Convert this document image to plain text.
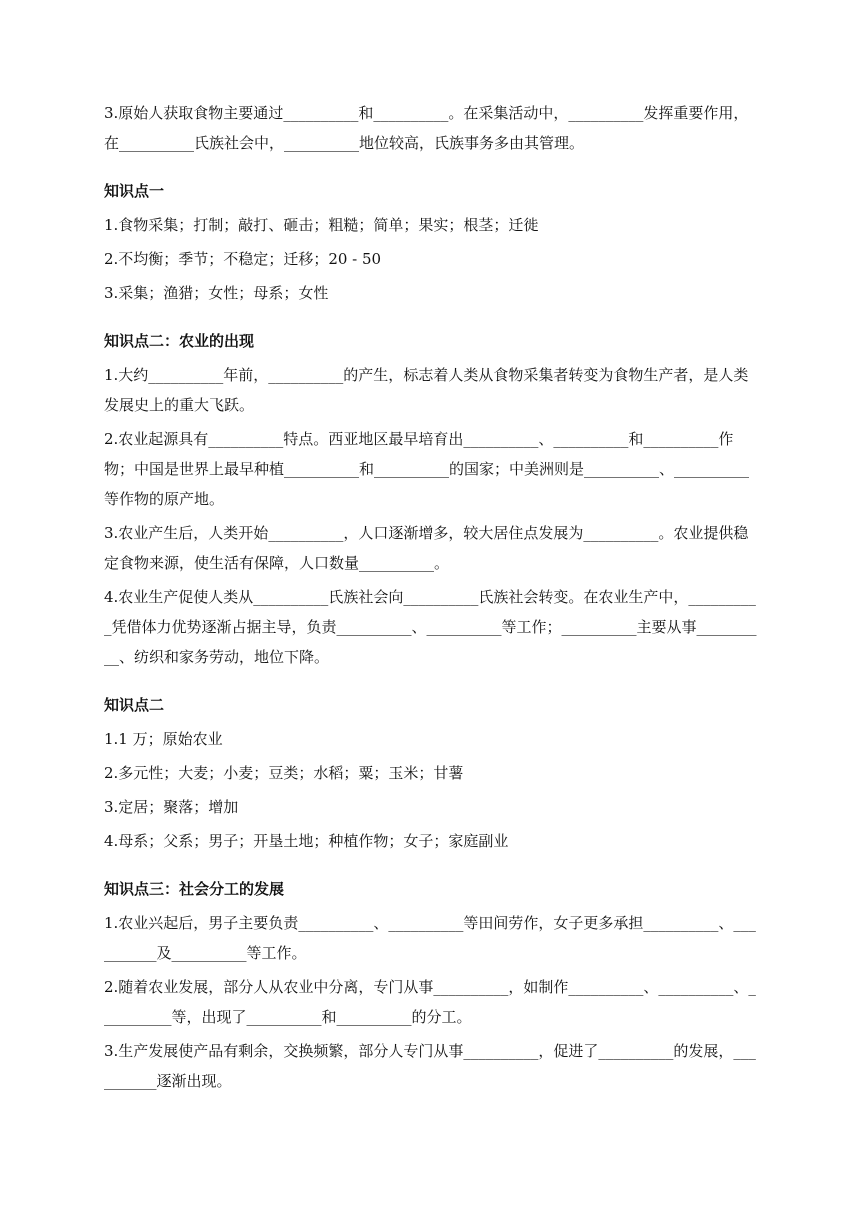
3.原始人获取食物主要通过__________和__________。在采集活动中，__________发挥重要作用，在__________氏族社会中，__________地位较高，氏族事务多由其管理。

知识点一

1.食物采集；打制；敲打、砸击；粗糙；简单；果实；根茎；迁徙

2.不均衡；季节；不稳定；迁移；20 - 50

3.采集；渔猎；女性；母系；女性

知识点二：农业的出现

1.大约__________年前，__________的产生，标志着人类从食物采集者转变为食物生产者，是人类发展史上的重大飞跃。

2.农业起源具有__________特点。西亚地区最早培育出__________、__________和__________作物；中国是世界上最早种植__________和__________的国家；中美洲则是__________、__________等作物的原产地。

3.农业产生后，人类开始__________，人口逐渐增多，较大居住点发展为__________。农业提供稳定食物来源，使生活有保障，人口数量__________。

4.农业生产促使人类从__________氏族社会向__________氏族社会转变。在农业生产中，__________凭借体力优势逐渐占据主导，负责__________、__________等工作；__________主要从事__________、纺织和家务劳动，地位下降。

知识点二

1.1 万；原始农业

2.多元性；大麦；小麦；豆类；水稻；粟；玉米；甘薯

3.定居；聚落；增加

4.母系；父系；男子；开垦土地；种植作物；女子；家庭副业

知识点三：社会分工的发展

1.农业兴起后，男子主要负责__________、__________等田间劳作，女子更多承担__________、__________及__________等工作。

2.随着农业发展，部分人从农业中分离，专门从事__________，如制作__________、__________、__________等，出现了__________和__________的分工。

3.生产发展使产品有剩余，交换频繁，部分人专门从事__________，促进了__________的发展，__________逐渐出现。
